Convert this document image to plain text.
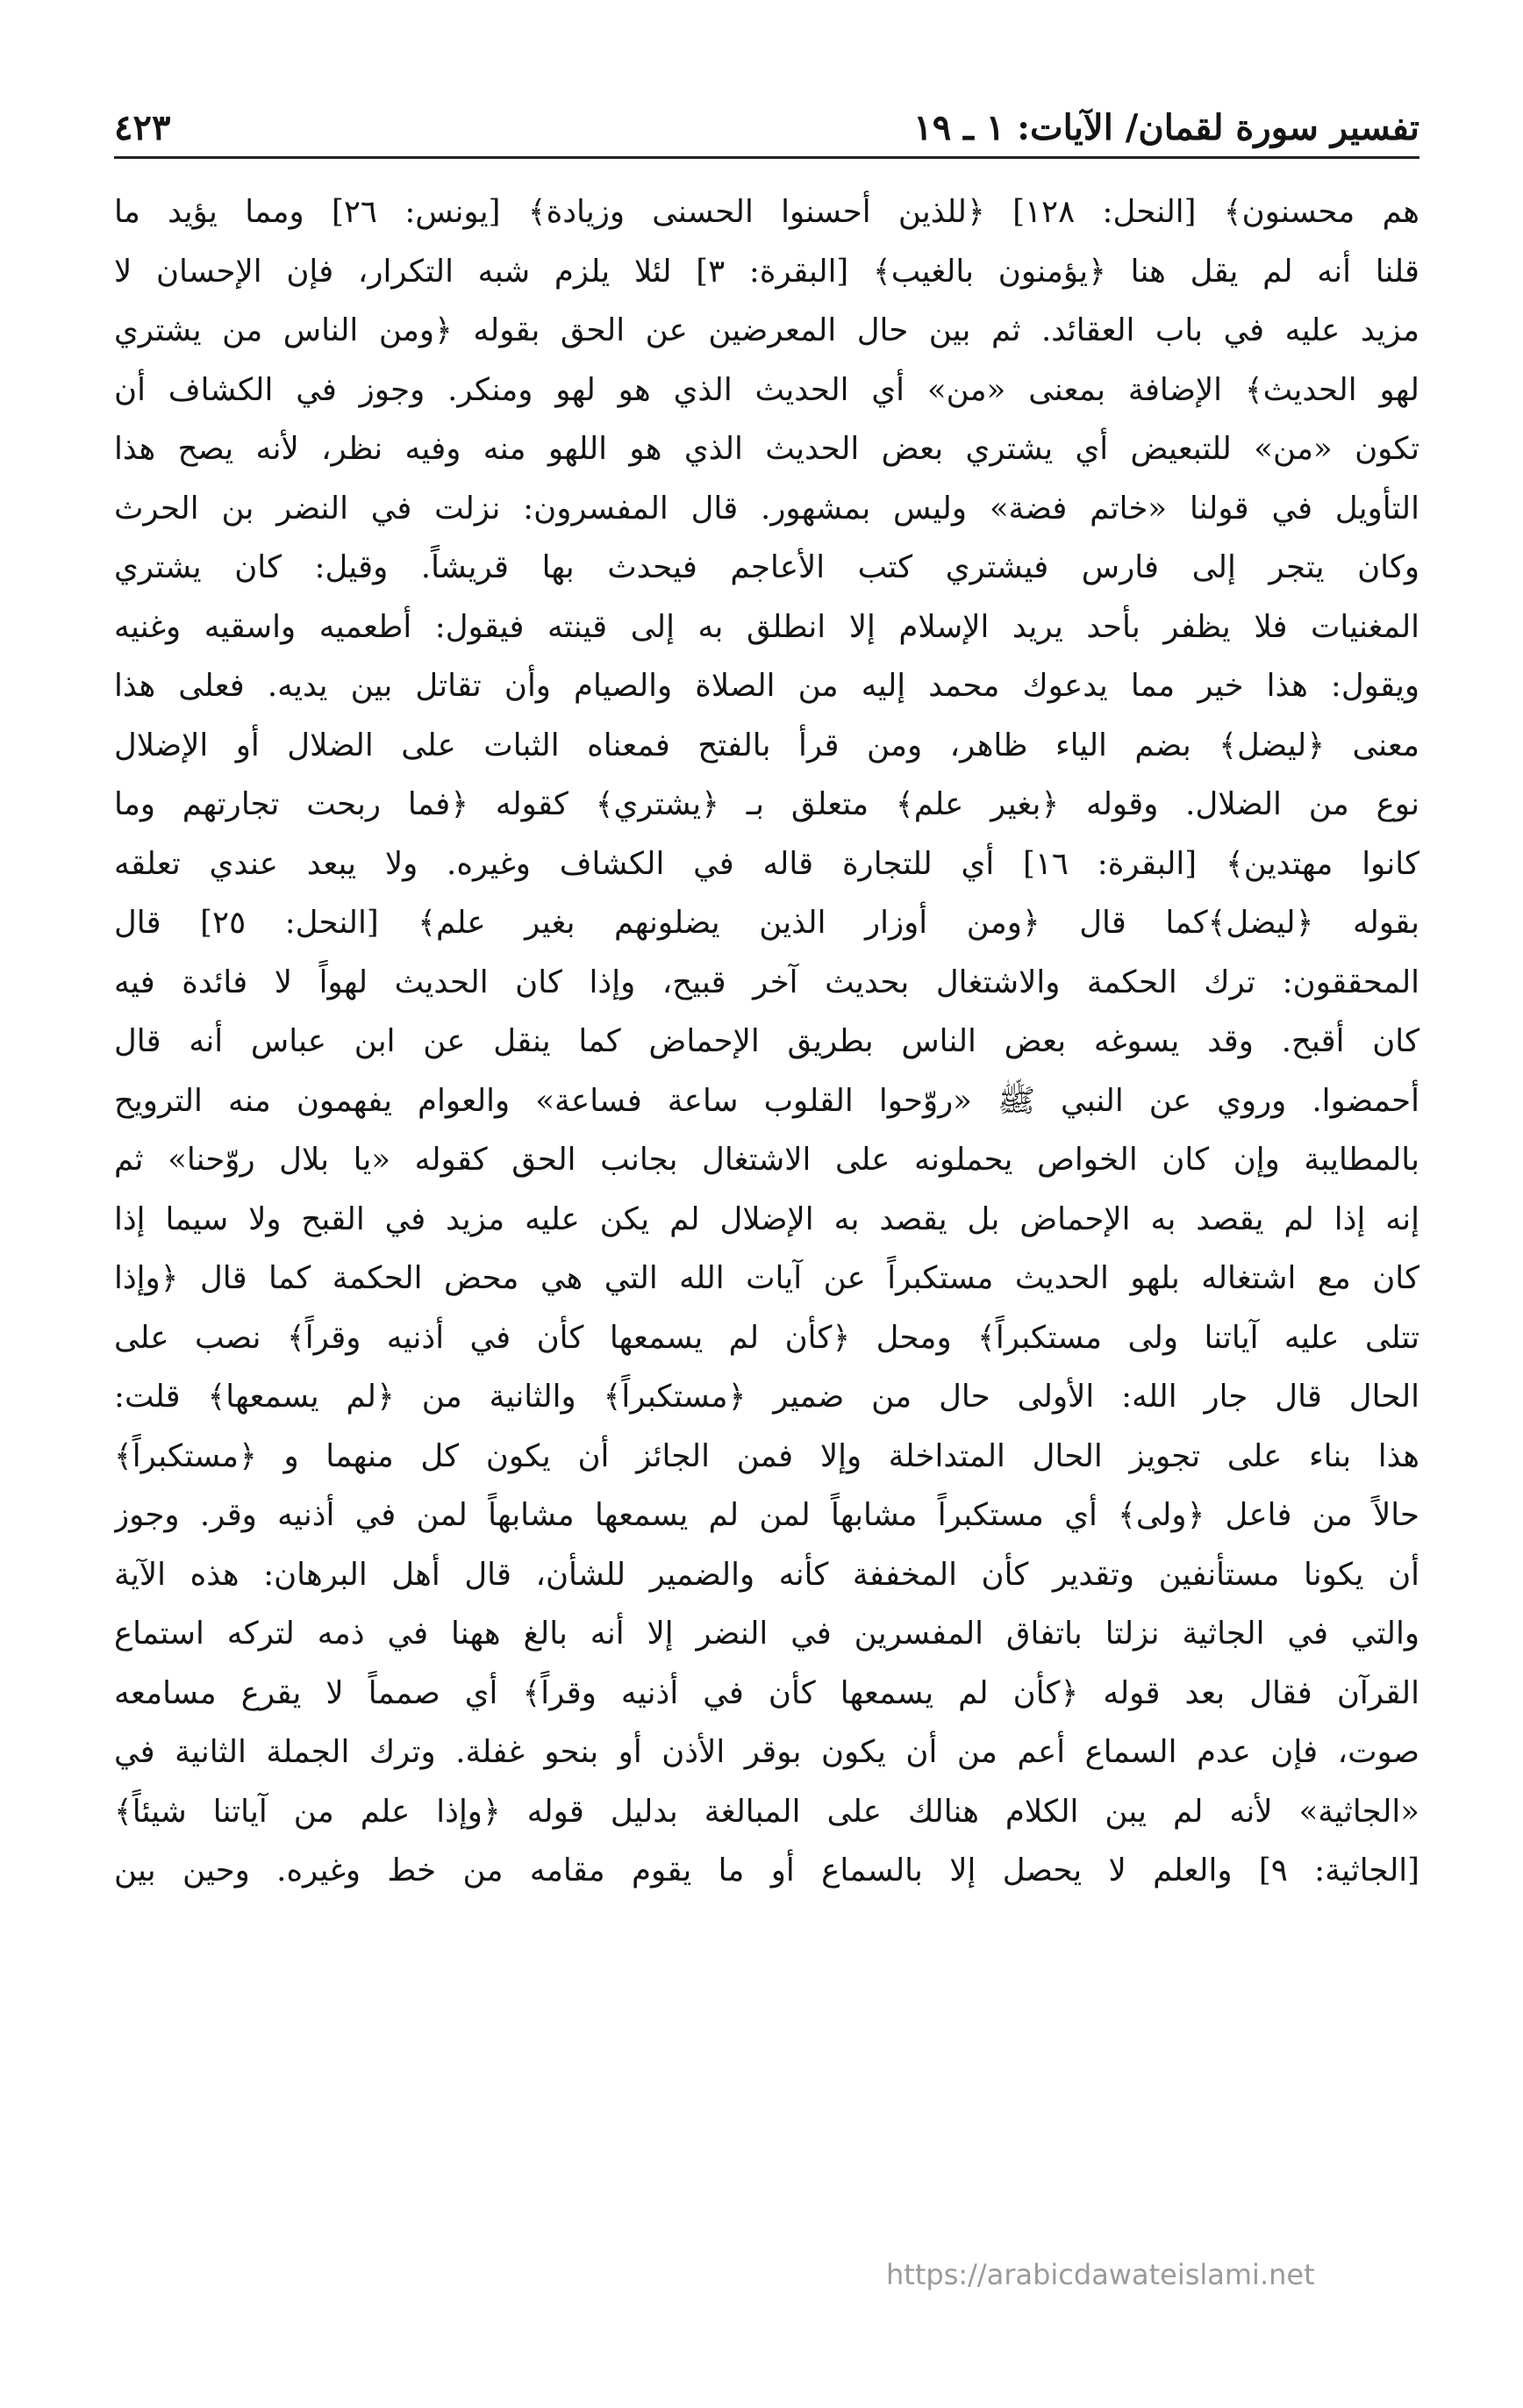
تفسير سورة لقمان/ الآيات: ١ ـ ١٩
٤٢٣
هم محسنون﴾ [النحل: ١٢٨] ﴿للذين أحسنوا الحسنى وزيادة﴾ [يونس: ٢٦] ومما يؤيد ما
قلنا أنه لم يقل هنا ﴿يؤمنون بالغيب﴾ [البقرة: ٣] لئلا يلزم شبه التكرار، فإن الإحسان لا
مزيد عليه في باب العقائد. ثم بين حال المعرضين عن الحق بقوله ﴿ومن الناس من يشتري
لهو الحديث﴾ الإضافة بمعنى «من» أي الحديث الذي هو لهو ومنكر. وجوز في الكشاف أن
تكون «من» للتبعيض أي يشتري بعض الحديث الذي هو اللهو منه وفيه نظر، لأنه يصح هذا
التأويل في قولنا «خاتم فضة» وليس بمشهور. قال المفسرون: نزلت في النضر بن الحرث
وكان يتجر إلى فارس فيشتري كتب الأعاجم فيحدث بها قريشاً. وقيل: كان يشتري
المغنيات فلا يظفر بأحد يريد الإسلام إلا انطلق به إلى قينته فيقول: أطعميه واسقيه وغنيه
ويقول: هذا خير مما يدعوك محمد إليه من الصلاة والصيام وأن تقاتل بين يديه. فعلى هذا
معنى ﴿ليضل﴾ بضم الياء ظاهر، ومن قرأ بالفتح فمعناه الثبات على الضلال أو الإضلال
نوع من الضلال. وقوله ﴿بغير علم﴾ متعلق بـ ﴿يشتري﴾ كقوله ﴿فما ربحت تجارتهم وما
كانوا مهتدين﴾ [البقرة: ١٦] أي للتجارة قاله في الكشاف وغيره. ولا يبعد عندي تعلقه
بقوله ﴿ليضل﴾كما قال ﴿ومن أوزار الذين يضلونهم بغير علم﴾ [النحل: ٢٥] قال
المحققون: ترك الحكمة والاشتغال بحديث آخر قبيح، وإذا كان الحديث لهواً لا فائدة فيه
كان أقبح. وقد يسوغه بعض الناس بطريق الإحماض كما ينقل عن ابن عباس أنه قال
أحمضوا. وروي عن النبي ﷺ «روّحوا القلوب ساعة فساعة» والعوام يفهمون منه الترويح
بالمطايبة وإن كان الخواص يحملونه على الاشتغال بجانب الحق كقوله «يا بلال روّحنا» ثم
إنه إذا لم يقصد به الإحماض بل يقصد به الإضلال لم يكن عليه مزيد في القبح ولا سيما إذا
كان مع اشتغاله بلهو الحديث مستكبراً عن آيات الله التي هي محض الحكمة كما قال ﴿وإذا
تتلى عليه آياتنا ولى مستكبراً﴾ ومحل ﴿كأن لم يسمعها كأن في أذنيه وقراً﴾ نصب على
الحال قال جار الله: الأولى حال من ضمير ﴿مستكبراً﴾ والثانية من ﴿لم يسمعها﴾ قلت:
هذا بناء على تجويز الحال المتداخلة وإلا فمن الجائز أن يكون كل منهما و ﴿مستكبراً﴾
حالاً من فاعل ﴿ولى﴾ أي مستكبراً مشابهاً لمن لم يسمعها مشابهاً لمن في أذنيه وقر. وجوز
أن يكونا مستأنفين وتقدير كأن المخففة كأنه والضمير للشأن، قال أهل البرهان: هذه الآية
والتي في الجاثية نزلتا باتفاق المفسرين في النضر إلا أنه بالغ ههنا في ذمه لتركه استماع
القرآن فقال بعد قوله ﴿كأن لم يسمعها كأن في أذنيه وقراً﴾ أي صمماً لا يقرع مسامعه
صوت، فإن عدم السماع أعم من أن يكون بوقر الأذن أو بنحو غفلة. وترك الجملة الثانية في
«الجاثية» لأنه لم يبن الكلام هنالك على المبالغة بدليل قوله ﴿وإذا علم من آياتنا شيئاً﴾
[الجاثية: ٩] والعلم لا يحصل إلا بالسماع أو ما يقوم مقامه من خط وغيره. وحين بين
https://arabicdawateislami.net
